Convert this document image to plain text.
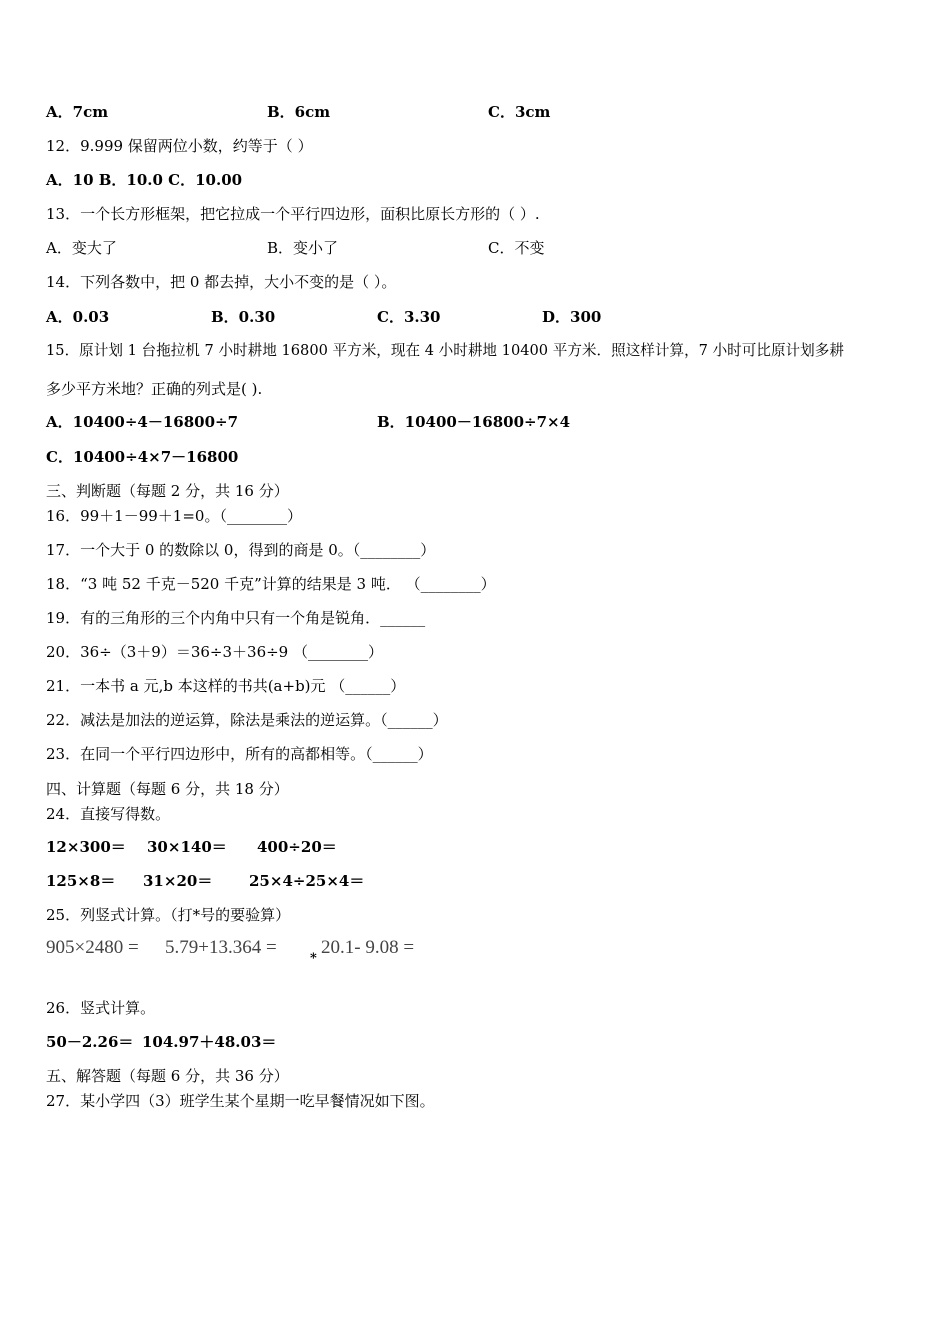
A．7cm	B．6cm	C．3cm
12．9.999 保留两位小数，约等于（ ）
A．10 B．10.0 C．10.00
13．一个长方形框架，把它拉成一个平行四边形，面积比原长方形的（ ）.
A．变大了	B．变小了	C．不变
14．下列各数中，把 0 都去掉，大小不变的是（ ）。
A．0.03	B．0.30	C．3.30	D．300
15．原计划 1 台拖拉机 7 小时耕地 16800 平方米，现在 4 小时耕地 10400 平方米．照这样计算，7 小时可比原计划多耕
多少平方米地？正确的列式是( ).
A．10400÷4－16800÷7	B．10400－16800÷7×4
C．10400÷4×7－16800
三、判断题（每题 2 分，共 16 分）
16．99＋1－99＋1=0。（________）
17．一个大于 0 的数除以 0，得到的商是 0。（________）
18．“3 吨 52 千克－520 千克”计算的结果是 3 吨． （________）
19．有的三角形的三个内角中只有一个角是锐角．______
20．36÷（3＋9）＝36÷3＋36÷9 （________）
21．一本书 a 元,b 本这样的书共(a+b)元 （______）
22．减法是加法的逆运算，除法是乘法的逆运算。（______）
23．在同一个平行四边形中，所有的高都相等。（______）
四、计算题（每题 6 分，共 18 分）
24．直接写得数。
12×300＝ 30×140＝ 400÷20＝
125×8＝ 31×20＝ 25×4÷25×4＝
25．列竖式计算。（打*号的要验算）
905×2480 = 5.79+13.364 =
*
20.1- 9.08 =
26．竖式计算。
50－2.26＝ 104.97＋48.03＝
五、解答题（每题 6 分，共 36 分）
27．某小学四（3）班学生某个星期一吃早餐情况如下图。
